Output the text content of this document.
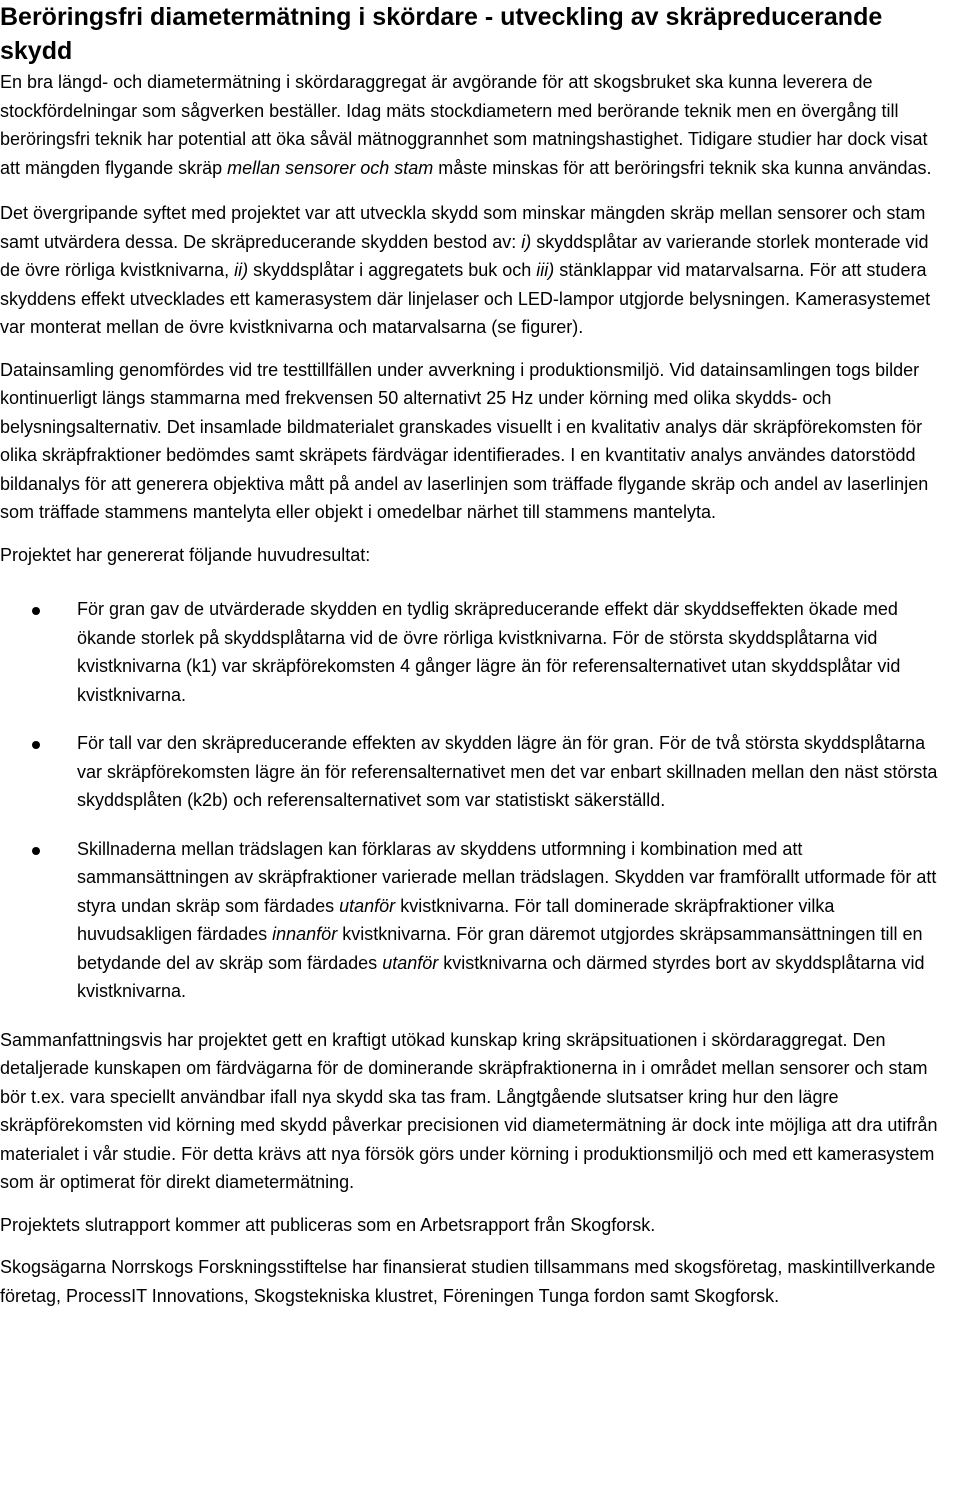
Beröringsfri diametermätning i skördare - utveckling av skräpreducerande skydd

En bra längd- och diametermätning i skördaraggregat är avgörande för att skogsbruket ska kunna leverera de stockfördelningar som sågverken beställer. Idag mäts stockdiametern med berörande teknik men en övergång till beröringsfri teknik har potential att öka såväl mätnoggrannhet som matningshastighet. Tidigare studier har dock visat att mängden flygande skräp mellan sensorer och stam måste minskas för att beröringsfri teknik ska kunna användas.

Det övergripande syftet med projektet var att utveckla skydd som minskar mängden skräp mellan sensorer och stam samt utvärdera dessa. De skräpreducerande skydden bestod av: i) skyddsplåtar av varierande storlek monterade vid de övre rörliga kvistknivarna, ii) skyddsplåtar i aggregatets buk och iii) stänklappar vid matarvalsarna. För att studera skyddens effekt utvecklades ett kamerasystem där linjelaser och LED-lampor utgjorde belysningen. Kamerasystemet var monterat mellan de övre kvistknivarna och matarvalsarna (se figurer).

Datainsamling genomfördes vid tre testtillfällen under avverkning i produktionsmiljö. Vid datainsamlingen togs bilder kontinuerligt längs stammarna med frekvensen 50 alternativt 25 Hz under körning med olika skydds- och belysningsalternativ. Det insamlade bildmaterialet granskades visuellt i en kvalitativ analys där skräpförekomsten för olika skräpfraktioner bedömdes samt skräpets färdvägar identifierades. I en kvantitativ analys användes datorstödd bildanalys för att generera objektiva mått på andel av laserlinjen som träffade flygande skräp och andel av laserlinjen som träffade stammens mantelyta eller objekt i omedelbar närhet till stammens mantelyta.

Projektet har genererat följande huvudresultat:

För gran gav de utvärderade skydden en tydlig skräpreducerande effekt där skyddseffekten ökade med ökande storlek på skyddsplåtarna vid de övre rörliga kvistknivarna. För de största skyddsplåtarna vid kvistknivarna (k1) var skräpförekomsten 4 gånger lägre än för referensalternativet utan skyddsplåtar vid kvistknivarna.
För tall var den skräpreducerande effekten av skydden lägre än för gran. För de två största skyddsplåtarna var skräpförekomsten lägre än för referensalternativet men det var enbart skillnaden mellan den näst största skyddsplåten (k2b) och referensalternativet som var statistiskt säkerställd.
Skillnaderna mellan trädslagen kan förklaras av skyddens utformning i kombination med att sammansättningen av skräpfraktioner varierade mellan trädslagen. Skydden var framförallt utformade för att styra undan skräp som färdades utanför kvistknivarna. För tall dominerade skräpfraktioner vilka huvudsakligen färdades innanför kvistknivarna. För gran däremot utgjordes skräpsammansättningen till en betydande del av skräp som färdades utanför kvistknivarna och därmed styrdes bort av skyddsplåtarna vid kvistknivarna.

Sammanfattningsvis har projektet gett en kraftigt utökad kunskap kring skräpsituationen i skördaraggregat. Den detaljerade kunskapen om färdvägarna för de dominerande skräpfraktionerna in i området mellan sensorer och stam bör t.ex. vara speciellt användbar ifall nya skydd ska tas fram. Långtgående slutsatser kring hur den lägre skräpförekomsten vid körning med skydd påverkar precisionen vid diametermätning är dock inte möjliga att dra utifrån materialet i vår studie. För detta krävs att nya försök görs under körning i produktionsmiljö och med ett kamerasystem som är optimerat för direkt diametermätning.

Projektets slutrapport kommer att publiceras som en Arbetsrapport från Skogforsk.

Skogsägarna Norrskogs Forskningsstiftelse har finansierat studien tillsammans med skogsföretag, maskintillverkande företag, ProcessIT Innovations, Skogstekniska klustret, Föreningen Tunga fordon samt Skogforsk.
